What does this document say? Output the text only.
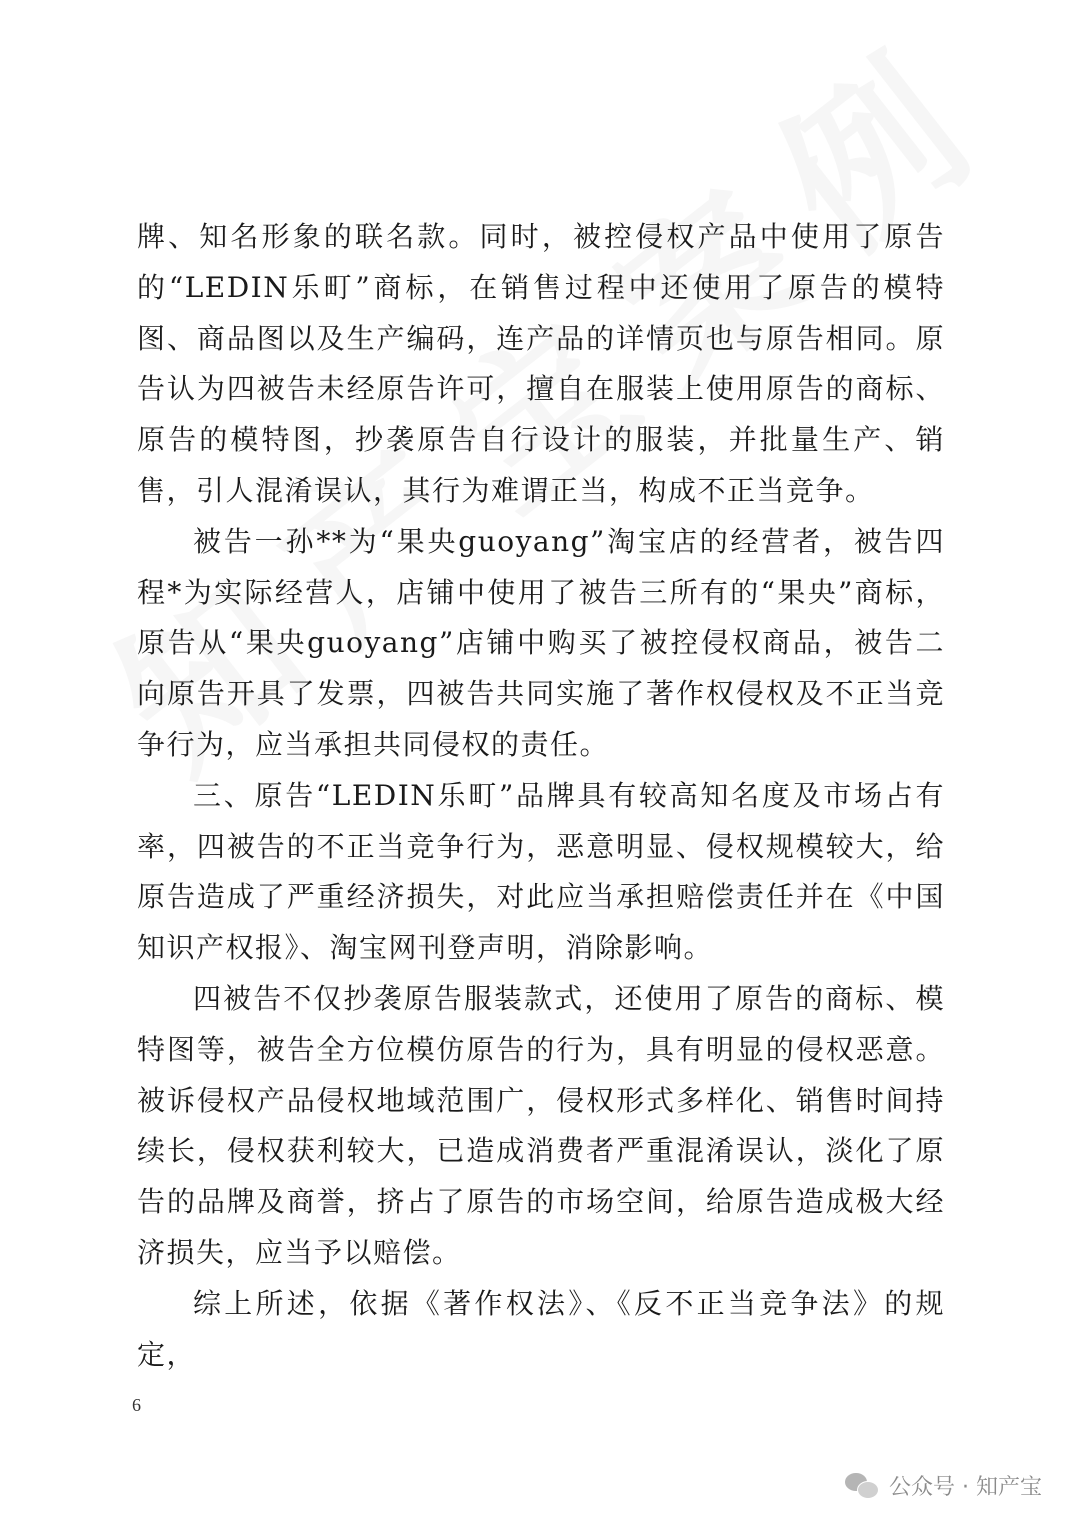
牌、知名形象的联名款。同时，被控侵权产品中使用了原告的“LEDIN乐町”商标，在销售过程中还使用了原告的模特图、商品图以及生产编码，连产品的详情页也与原告相同。原告认为四被告未经原告许可，擅自在服装上使用原告的商标、原告的模特图，抄袭原告自行设计的服装，并批量生产、销售，引人混淆误认，其行为难谓正当，构成不正当竞争。

被告一孙**为“果央guoyang”淘宝店的经营者，被告四程*为实际经营人，店铺中使用了被告三所有的“果央”商标，原告从“果央guoyang”店铺中购买了被控侵权商品，被告二向原告开具了发票，四被告共同实施了著作权侵权及不正当竞争行为，应当承担共同侵权的责任。

三、原告“LEDIN乐町”品牌具有较高知名度及市场占有率，四被告的不正当竞争行为，恶意明显、侵权规模较大，给原告造成了严重经济损失，对此应当承担赔偿责任并在《中国知识产权报》、淘宝网刊登声明，消除影响。

四被告不仅抄袭原告服装款式，还使用了原告的商标、模特图等，被告全方位模仿原告的行为，具有明显的侵权恶意。被诉侵权产品侵权地域范围广，侵权形式多样化、销售时间持续长，侵权获利较大，已造成消费者严重混淆误认，淡化了原告的品牌及商誉，挤占了原告的市场空间，给原告造成极大经济损失，应当予以赔偿。

综上所述，依据《著作权法》、《反不正当竞争法》的规定，

6
公众号 · 知产宝
